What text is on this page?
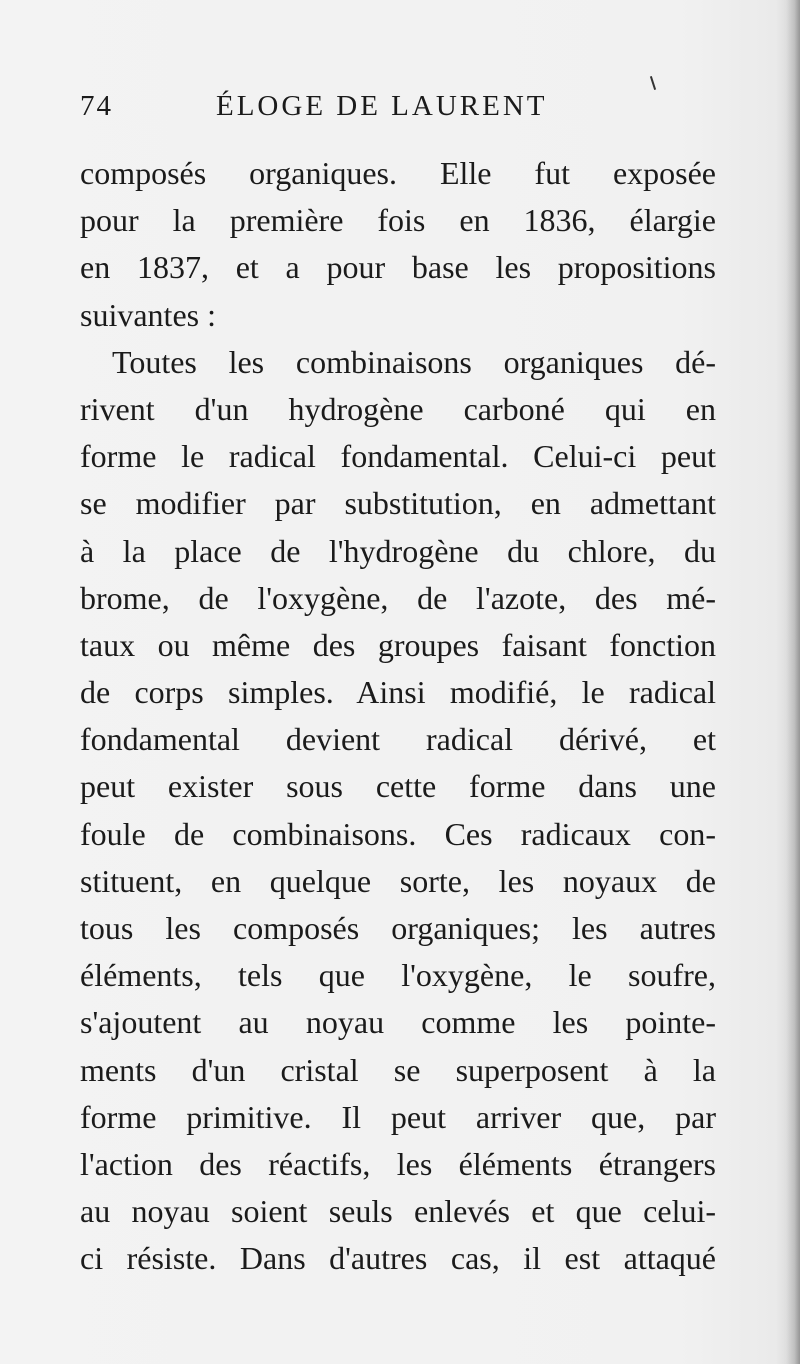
74	ÉLOGE DE LAURENT
composés organiques. Elle fut exposée
pour la première fois en 1836, élargie
en 1837, et a pour base les propositions
suivantes :
Toutes les combinaisons organiques dé-
rivent d'un hydrogène carboné qui en
forme le radical fondamental. Celui-ci peut
se modifier par substitution, en admettant
à la place de l'hydrogène du chlore, du
brome, de l'oxygène, de l'azote, des mé-
taux ou même des groupes faisant fonction
de corps simples. Ainsi modifié, le radical
fondamental devient radical dérivé, et
peut exister sous cette forme dans une
foule de combinaisons. Ces radicaux con-
stituent, en quelque sorte, les noyaux de
tous les composés organiques; les autres
éléments, tels que l'oxygène, le soufre,
s'ajoutent au noyau comme les pointe-
ments d'un cristal se superposent à la
forme primitive. Il peut arriver que, par
l'action des réactifs, les éléments étrangers
au noyau soient seuls enlevés et que celui-
ci résiste. Dans d'autres cas, il est attaqué
